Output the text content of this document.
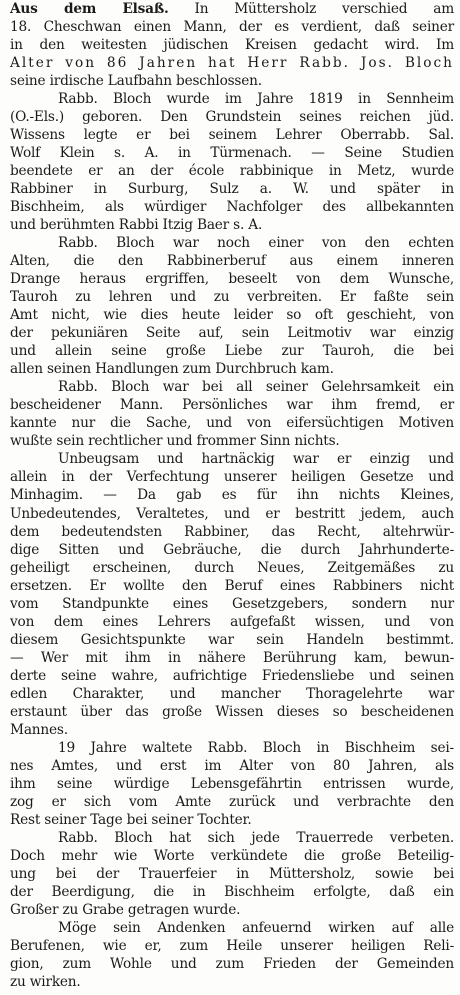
Aus dem Elsaß. In Müttersholz verschied am
18. Cheschwan einen Mann, der es verdient, daß seiner
in den weitesten jüdischen Kreisen gedacht wird. Im
Alter von 86 Jahren hat Herr Rabb. Jos. Bloch
seine irdische Laufbahn beschlossen.
Rabb. Bloch wurde im Jahre 1819 in Sennheim
(O.-Els.) geboren. Den Grundstein seines reichen jüd.
Wissens legte er bei seinem Lehrer Oberrabb. Sal.
Wolf Klein s. A. in Türmenach. — Seine Studien
beendete er an der école rabbinique in Metz, wurde
Rabbiner in Surburg, Sulz a. W. und später in
Bischheim, als würdiger Nachfolger des allbekannten
und berühmten Rabbi Itzig Baer s. A.
Rabb. Bloch war noch einer von den echten
Alten, die den Rabbinerberuf aus einem inneren
Drange heraus ergriffen, beseelt von dem Wunsche,
Tauroh zu lehren und zu verbreiten. Er faßte sein
Amt nicht, wie dies heute leider so oft geschieht, von
der pekuniären Seite auf, sein Leitmotiv war einzig
und allein seine große Liebe zur Tauroh, die bei
allen seinen Handlungen zum Durchbruch kam.
Rabb. Bloch war bei all seiner Gelehrsamkeit ein
bescheidener Mann. Persönliches war ihm fremd, er
kannte nur die Sache, und von eifersüchtigen Motiven
wußte sein rechtlicher und frommer Sinn nichts.
Unbeugsam und hartnäckig war er einzig und
allein in der Verfechtung unserer heiligen Gesetze und
Minhagim. — Da gab es für ihn nichts Kleines,
Unbedeutendes, Veraltetes, und er bestritt jedem, auch
dem bedeutendsten Rabbiner, das Recht, altehrwür-
dige Sitten und Gebräuche, die durch Jahrhunderte-
geheiligt erscheinen, durch Neues, Zeitgemäßes zu
ersetzen. Er wollte den Beruf eines Rabbiners nicht
vom Standpunkte eines Gesetzgebers, sondern nur
von dem eines Lehrers aufgefaßt wissen, und von
diesem Gesichtspunkte war sein Handeln bestimmt.
— Wer mit ihm in nähere Berührung kam, bewun-
derte seine wahre, aufrichtige Friedensliebe und seinen
edlen Charakter, und mancher Thoragelehrte war
erstaunt über das große Wissen dieses so bescheidenen
Mannes.
19 Jahre waltete Rabb. Bloch in Bischheim sei-
nes Amtes, und erst im Alter von 80 Jahren, als
ihm seine würdige Lebensgefährtin entrissen wurde,
zog er sich vom Amte zurück und verbrachte den
Rest seiner Tage bei seiner Tochter.
Rabb. Bloch hat sich jede Trauerrede verbeten.
Doch mehr wie Worte verkündete die große Beteilig-
ung bei der Trauerfeier in Müttersholz, sowie bei
der Beerdigung, die in Bischheim erfolgte, daß ein
Großer zu Grabe getragen wurde.
Möge sein Andenken anfeuernd wirken auf alle
Berufenen, wie er, zum Heile unserer heiligen Reli-
gion, zum Wohle und zum Frieden der Gemeinden
zu wirken.
